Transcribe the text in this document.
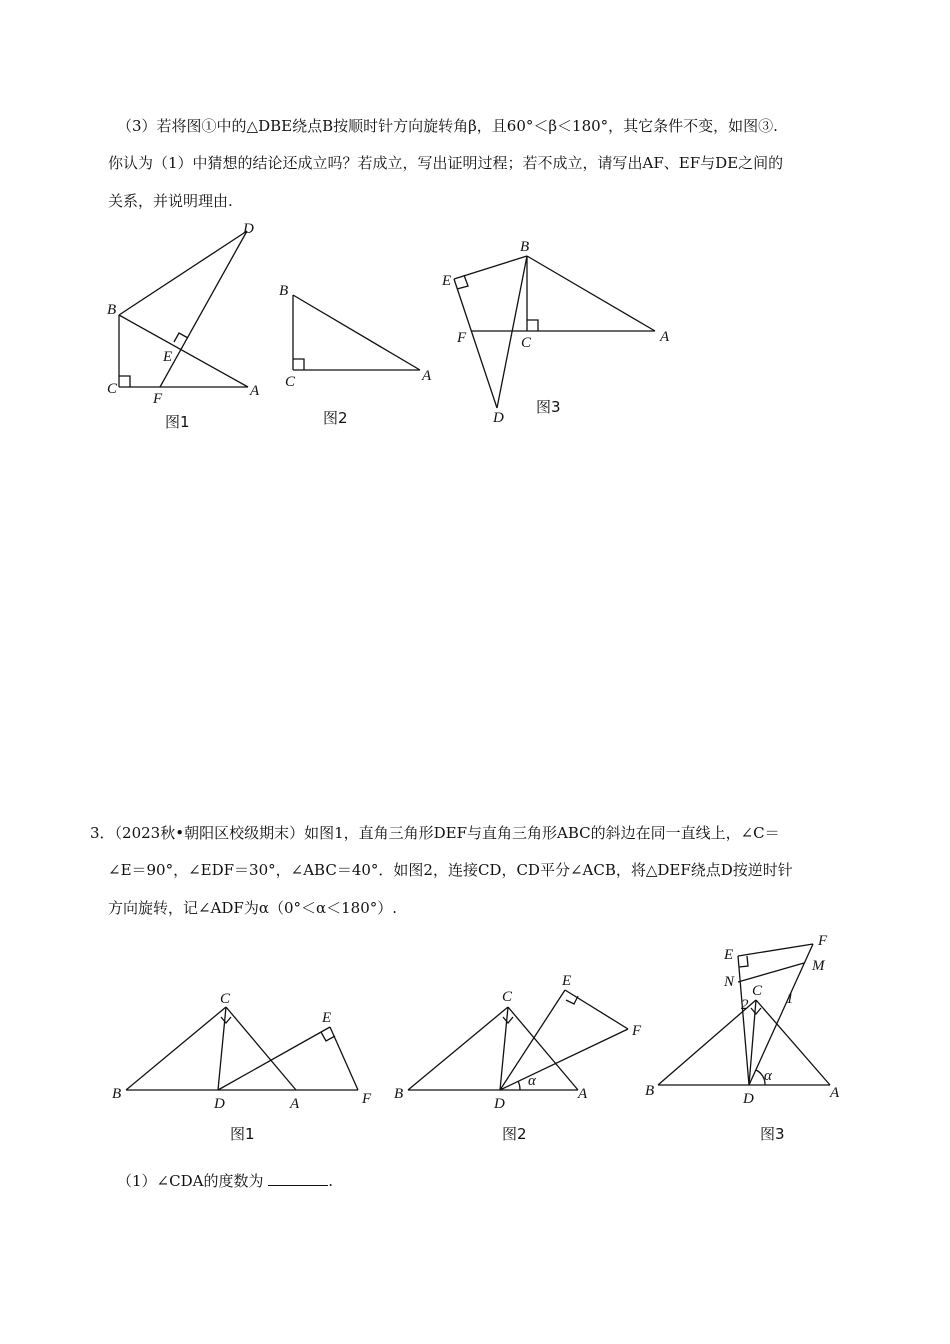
（3）若将图①中的△DBE绕点B按顺时针方向旋转角β，且60°＜β＜180°，其它条件不变，如图③.
你认为（1）中猜想的结论还成立吗？若成立，写出证明过程；若不成立，请写出AF、EF与DE之间的
关系，并说明理由.
D
B
E
C
F	A
图1
B
C	A
图2
B
E
F	C	A
D
图3
3．（2023秋•朝阳区校级期末）如图1，直角三角形DEF与直角三角形ABC的斜边在同一直线上，∠C＝
∠E＝90°，∠EDF＝30°，∠ABC＝40°．如图2，连接CD，CD平分∠ACB，将△DEF绕点D按逆时针
方向旋转，记∠ADF为α（0°＜α＜180°）.
C
E
B
D	A	F
图1
C
E
F
B
D
A
α
图2
E
F
N
M
C
2	1
B	D	A
α
图3
（1）∠CDA的度数为	.
